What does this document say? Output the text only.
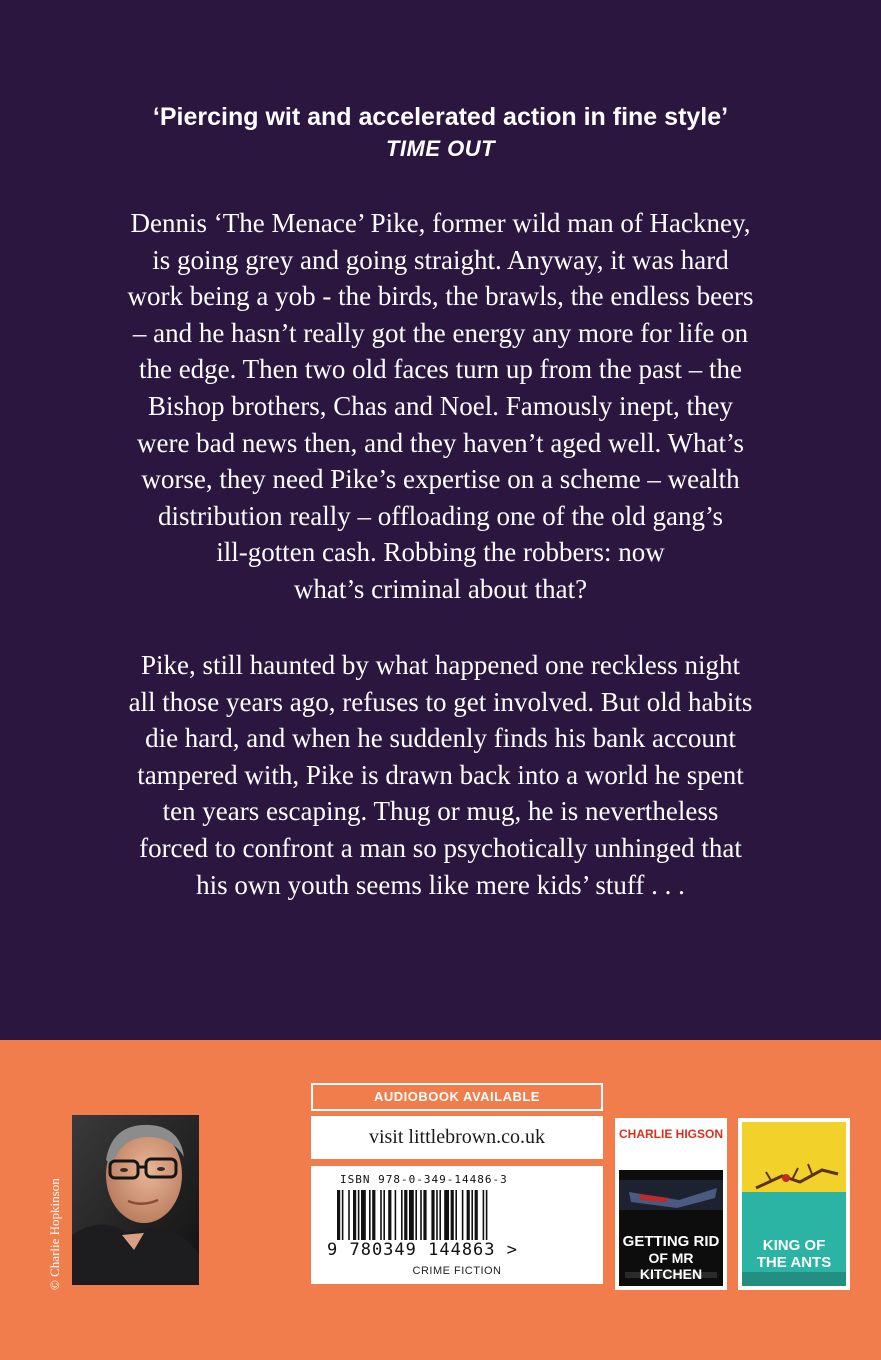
‘Piercing wit and accelerated action in fine style’
TIME OUT
Dennis ‘The Menace’ Pike, former wild man of Hackney,
is going grey and going straight. Anyway, it was hard
work being a yob - the birds, the brawls, the endless beers
– and he hasn’t really got the energy any more for life on
the edge. Then two old faces turn up from the past – the
Bishop brothers, Chas and Noel. Famously inept, they
were bad news then, and they haven’t aged well. What’s
worse, they need Pike’s expertise on a scheme – wealth
distribution really – offloading one of the old gang’s
ill-gotten cash. Robbing the robbers: now
what’s criminal about that?
Pike, still haunted by what happened one reckless night
all those years ago, refuses to get involved. But old habits
die hard, and when he suddenly finds his bank account
tampered with, Pike is drawn back into a world he spent
ten years escaping. Thug or mug, he is nevertheless
forced to confront a man so psychotically unhinged that
his own youth seems like mere kids’ stuff . . .
© Charlie Hopkinson
AUDIOBOOK AVAILABLE
visit littlebrown.co.uk
ISBN 978-0-349-14486-3
9 780349 144863 >
CRIME FICTION
CHARLIE HIGSON
GETTING RID
OF MR KITCHEN
KING OF
THE ANTS
